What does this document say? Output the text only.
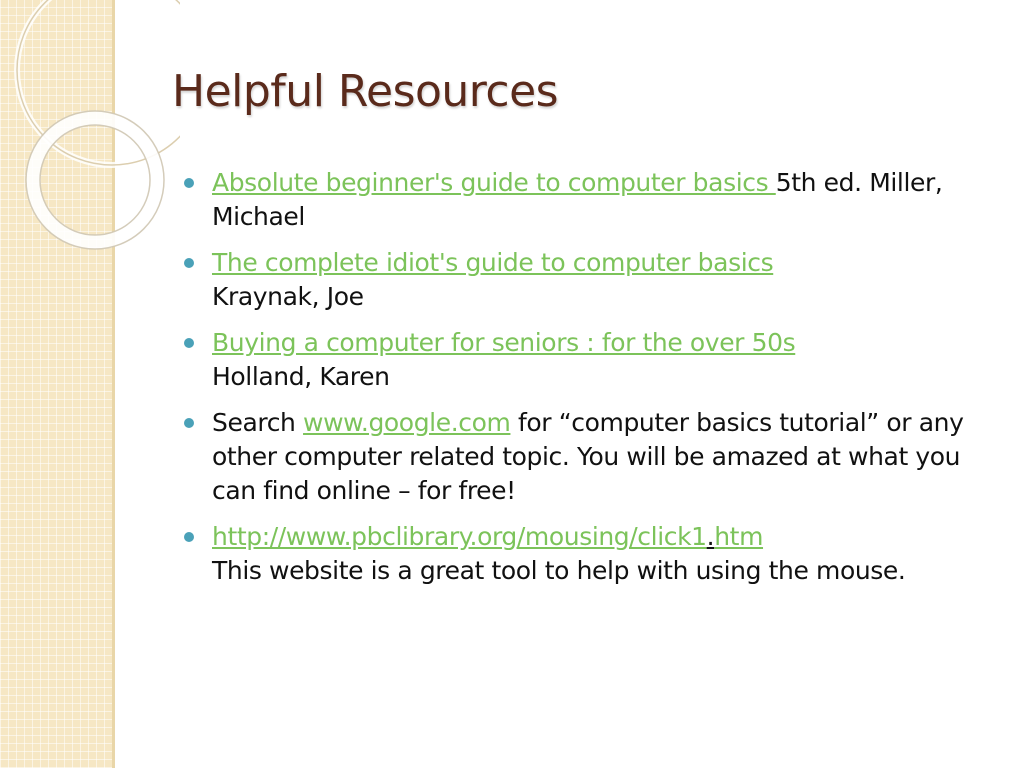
Helpful Resources
Absolute beginner's guide to computer basics 5th ed. Miller, Michael
The complete idiot's guide to computer basics
Kraynak, Joe
Buying a computer for seniors : for the over 50s
Holland, Karen
Search www.google.com for “computer basics tutorial” or any other computer related topic. You will be amazed at what you can find online – for free!
http://www.pbclibrary.org/mousing/click1.htm
This website is a great tool to help with using the mouse.
